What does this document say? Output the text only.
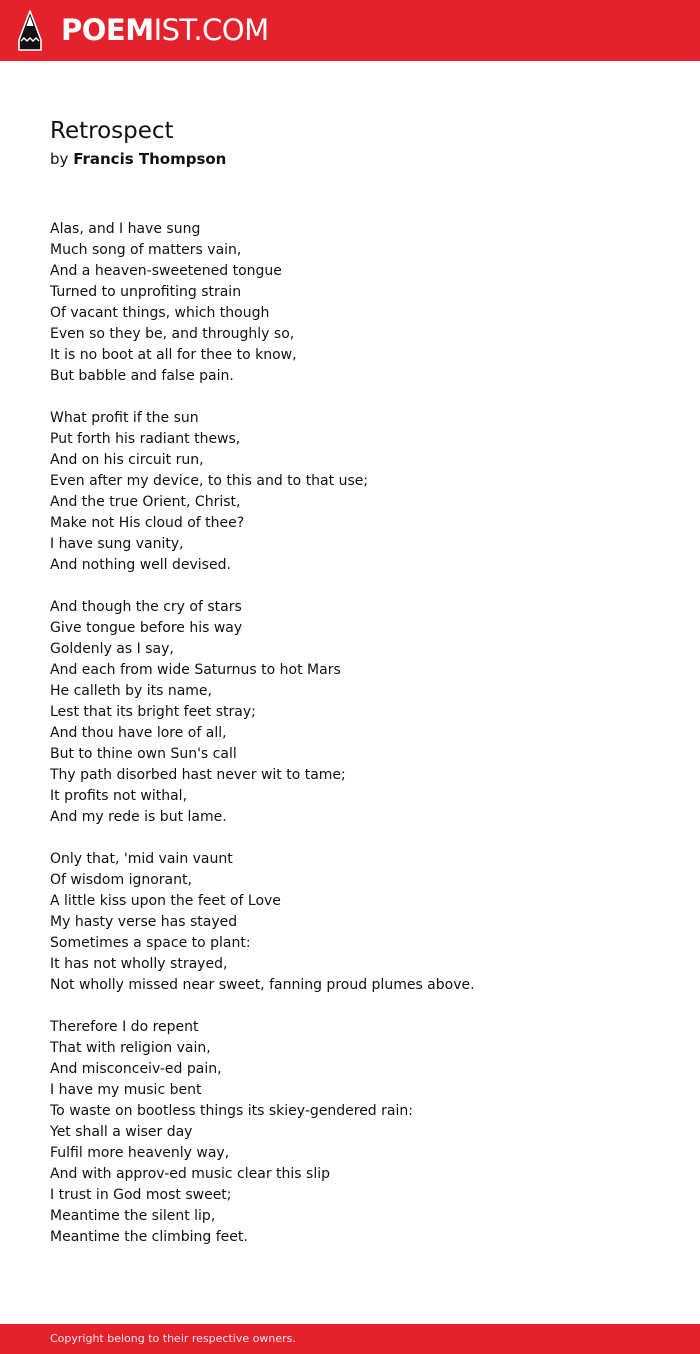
POEMIST.COM
Retrospect
by Francis Thompson

Alas, and I have sung
Much song of matters vain,
And a heaven-sweetened tongue
Turned to unprofiting strain
Of vacant things, which though
Even so they be, and throughly so,
It is no boot at all for thee to know,
But babble and false pain.

What profit if the sun
Put forth his radiant thews,
And on his circuit run,
Even after my device, to this and to that use;
And the true Orient, Christ,
Make not His cloud of thee?
I have sung vanity,
And nothing well devised.

And though the cry of stars
Give tongue before his way
Goldenly as I say,
And each from wide Saturnus to hot Mars
He calleth by its name,
Lest that its bright feet stray;
And thou have lore of all,
But to thine own Sun's call
Thy path disorbed hast never wit to tame;
It profits not withal,
And my rede is but lame.

Only that, 'mid vain vaunt
Of wisdom ignorant,
A little kiss upon the feet of Love
My hasty verse has stayed
Sometimes a space to plant:
It has not wholly strayed,
Not wholly missed near sweet, fanning proud plumes above.

Therefore I do repent
That with religion vain,
And misconceiv-ed pain,
I have my music bent
To waste on bootless things its skiey-gendered rain:
Yet shall a wiser day
Fulfil more heavenly way,
And with approv-ed music clear this slip
I trust in God most sweet;
Meantime the silent lip,
Meantime the climbing feet.

Copyright belong to their respective owners.
